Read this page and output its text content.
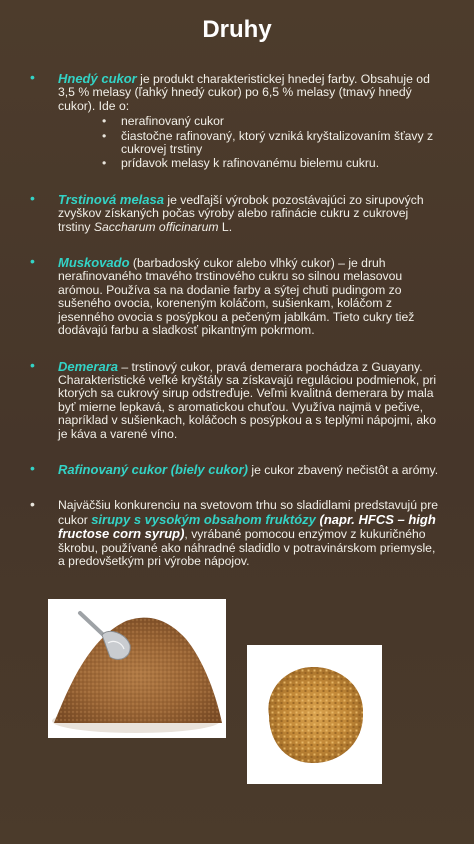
Druhy
• Hnedý cukor je produkt charakteristickej hnedej farby. Obsahuje od 3,5 % melasy (ľahký hnedý cukor) po 6,5 % melasy (tmavý hnedý cukor). Ide o:
• nerafinovaný cukor
• čiastočne rafinovaný, ktorý vzniká kryštalizovaním šťavy z cukrovej trstiny
• prídavok melasy k rafinovanému bielemu cukru.
• Trstinová melasa je vedľajší výrobok pozostávajúci zo sirupových zvyškov získaných počas výroby alebo rafinácie cukru z cukrovej trstiny Saccharum officinarum L.
• Muskovado (barbadoský cukor alebo vlhký cukor) – je druh nerafinovaného tmavého trstinového cukru so silnou melasovou arómou. Používa sa na dodanie farby a sýtej chuti pudingom zo sušeného ovocia, koreneným koláčom, sušienkam, koláčom z jesenného ovocia s posýpkou a pečeným jablkám. Tieto cukry tiež dodávajú farbu a sladkosť pikantným pokrmom.
• Demerara – trstinový cukor, pravá demerara pochádza z Guayany. Charakteristické veľké kryštály sa získavajú reguláciou podmienok, pri ktorých sa cukrový sirup odstreďuje. Veľmi kvalitná demerara by mala byť mierne lepkavá, s aromatickou chuťou. Využíva najmä v pečive, napríklad v sušienkach, koláčoch s posýpkou a s teplými nápojmi, ako je káva a varené víno.
• Rafinovaný cukor (biely cukor) je cukor zbavený nečistôt a arómy.
• Najväčšiu konkurenciu na svetovom trhu so sladidlami predstavujú pre cukor sirupy s vysokým obsahom fruktózy (napr. HFCS – high fructose corn syrup), vyrábané pomocou enzýmov z kukuričného škrobu, používané ako náhradné sladidlo v potravinárskom priemysle, a predovšetkým pri výrobe nápojov.
